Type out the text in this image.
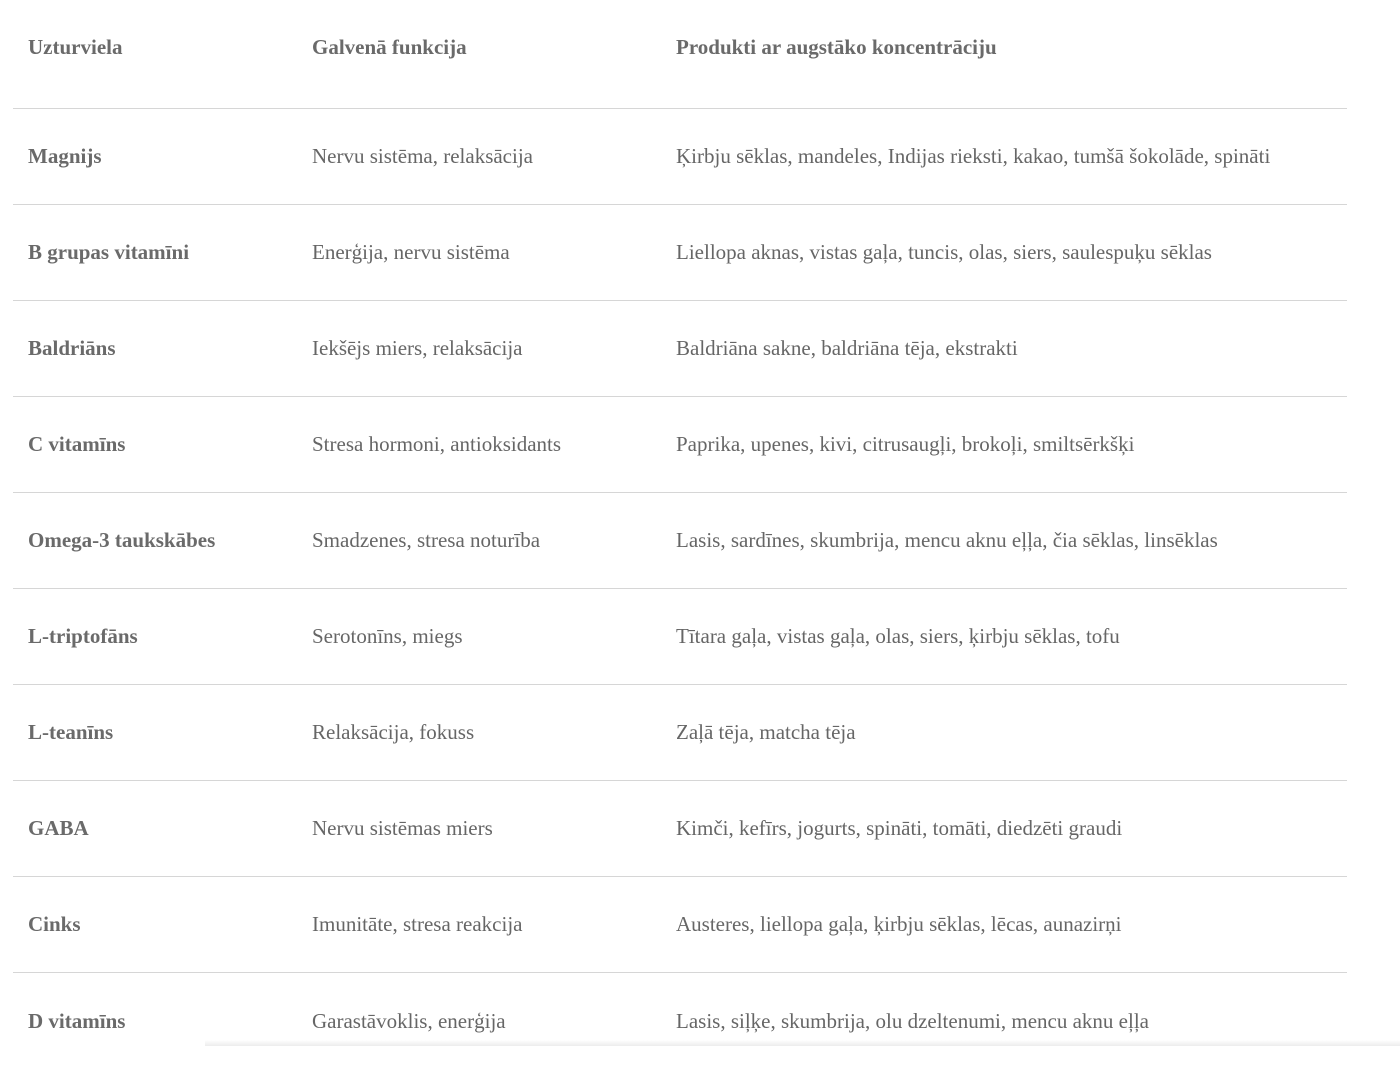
Uzturviela	Galvenā funkcija	Produkti ar augstāko koncentrāciju
Magnijs	Nervu sistēma, relaksācija	Ķirbju sēklas, mandeles, Indijas rieksti, kakao, tumšā šokolāde, spināti
B grupas vitamīni	Enerģija, nervu sistēma	Liellopa aknas, vistas gaļa, tuncis, olas, siers, saulespuķu sēklas
Baldriāns	Iekšējs miers, relaksācija	Baldriāna sakne, baldriāna tēja, ekstrakti
C vitamīns	Stresa hormoni, antioksidants	Paprika, upenes, kivi, citrusaugļi, brokoļi, smiltsērkšķi
Omega-3 taukskābes	Smadzenes, stresa noturība	Lasis, sardīnes, skumbrija, mencu aknu eļļa, čia sēklas, linsēklas
L-triptofāns	Serotonīns, miegs	Tītara gaļa, vistas gaļa, olas, siers, ķirbju sēklas, tofu
L-teanīns	Relaksācija, fokuss	Zaļā tēja, matcha tēja
GABA	Nervu sistēmas miers	Kimči, kefīrs, jogurts, spināti, tomāti, diedzēti graudi
Cinks	Imunitāte, stresa reakcija	Austeres, liellopa gaļa, ķirbju sēklas, lēcas, aunazirņi
D vitamīns	Garastāvoklis, enerģija	Lasis, siļķe, skumbrija, olu dzeltenumi, mencu aknu eļļa
